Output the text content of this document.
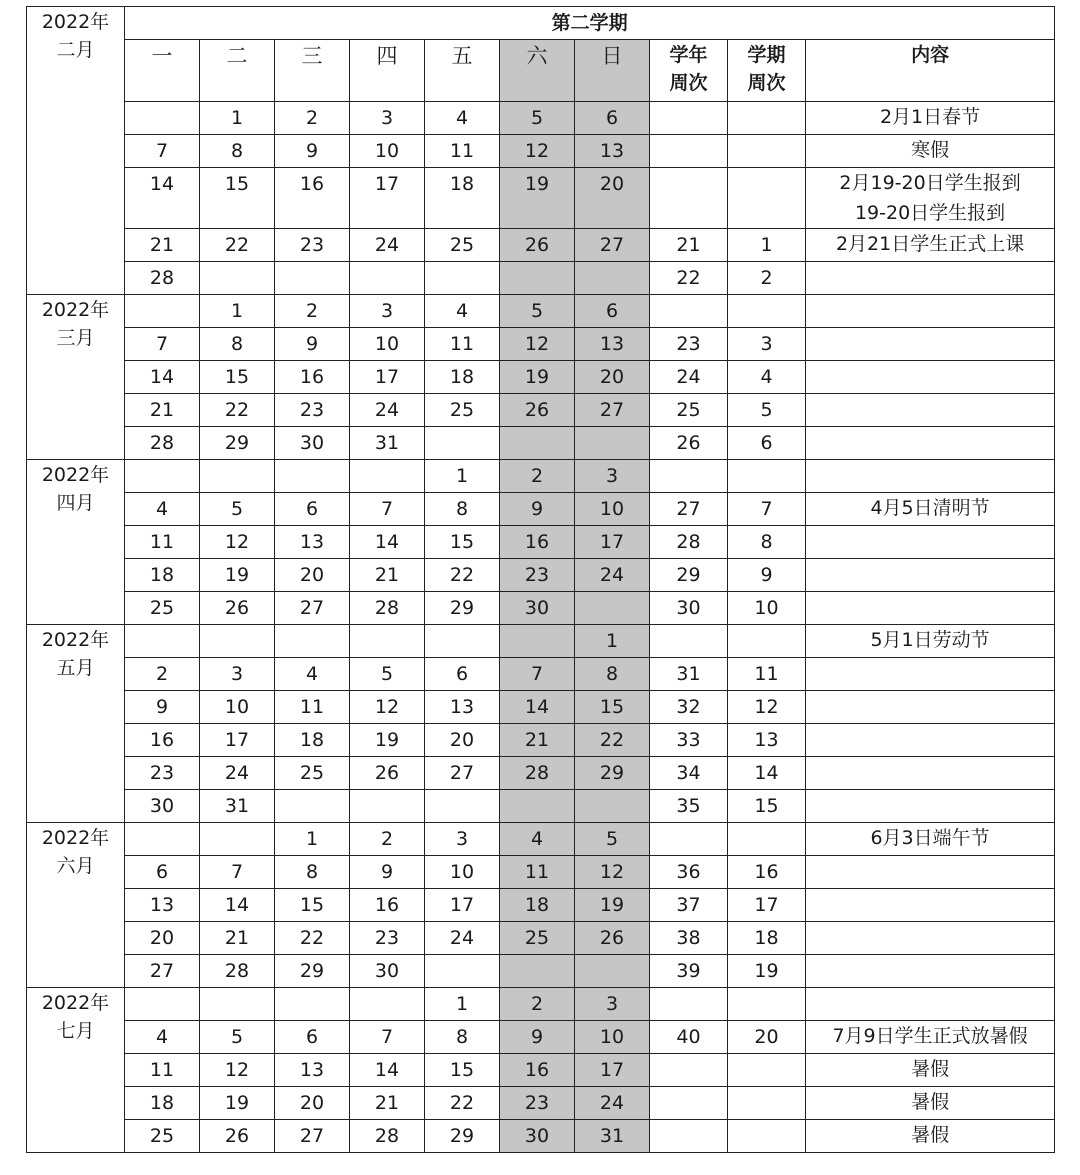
2022年
二月	第二学期									
	一	二	三	四	五	六	日	学年
周次	学期
周次	内容
		1	2	3	4	5	6			2月1日春节

	7	8	9	10	11	12	13			寒假

	14	15	16	17	18	19	20			2月19-20日学生报到
19-20日学生报到

	21	22	23	24	25	26	27	21	1	2月21日学生正式上课

	28							22	2	

2022年
三月		1	2	3	4	5	6			

	7	8	9	10	11	12	13	23	3	

	14	15	16	17	18	19	20	24	4	

	21	22	23	24	25	26	27	25	5	

	28	29	30	31				26	6	

2022年
四月					1	2	3			

	4	5	6	7	8	9	10	27	7	4月5日清明节

	11	12	13	14	15	16	17	28	8	

	18	19	20	21	22	23	24	29	9	

	25	26	27	28	29	30		30	10	

2022年
五月							1			5月1日劳动节

	2	3	4	5	6	7	8	31	11	

	9	10	11	12	13	14	15	32	12	

	16	17	18	19	20	21	22	33	13	

	23	24	25	26	27	28	29	34	14	

	30	31						35	15	

2022年
六月			1	2	3	4	5			6月3日端午节

	6	7	8	9	10	11	12	36	16	

	13	14	15	16	17	18	19	37	17	

	20	21	22	23	24	25	26	38	18	

	27	28	29	30				39	19	

2022年
七月					1	2	3			

	4	5	6	7	8	9	10	40	20	7月9日学生正式放暑假

	11	12	13	14	15	16	17			暑假

	18	19	20	21	22	23	24			暑假

	25	26	27	28	29	30	31			暑假
